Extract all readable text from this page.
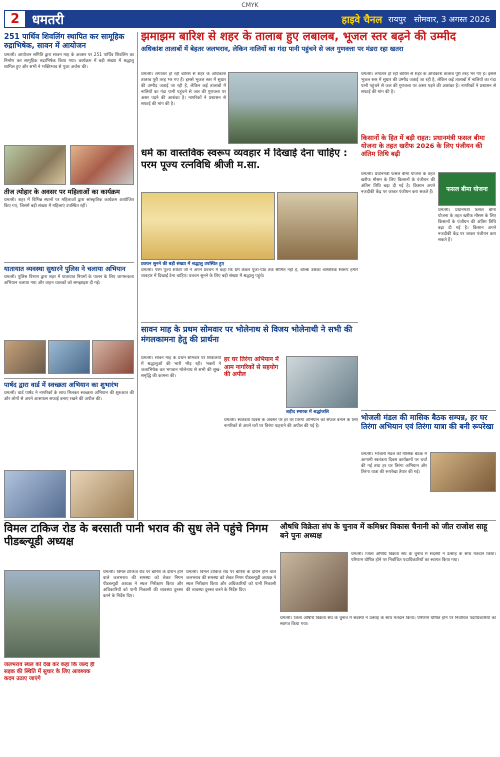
CMYK
2 धमतरी	हाइवे चैनल रायपुर सोमवार, 3 अगस्त 2026
251 पार्थिव शिवलिंग स्थापित कर सामूहिक रुद्राभिषेक, सावन में आयोजन
धमतरी। आयोजन समिति द्वारा सावन माह के अवसर पर 251 पार्थिव शिवलिंग का निर्माण कर सामूहिक रुद्राभिषेक किया गया। कार्यक्रम में बड़ी संख्या में श्रद्धालु शामिल हुए और सभी ने भक्तिभाव से पूजा अर्चना की।
तीज त्योहार के अवसर पर महिलाओं का कार्यक्रम
धमतरी। शहर में विभिन्न स्थानों पर महिलाओं द्वारा सांस्कृतिक कार्यक्रम आयोजित किए गए, जिसमें बड़ी संख्या में महिलाएं उपस्थित रहीं।
यातायात व्यवस्था सुधारने पुलिस ने चलाया अभियान
धमतरी। पुलिस विभाग द्वारा शहर में यातायात नियमों के पालन के लिए जागरूकता अभियान चलाया गया और वाहन चालकों को समझाइश दी गई।
पार्षद द्वारा वार्ड में स्वच्छता अभियान का शुभारंभ
धमतरी। वार्ड पार्षद ने नागरिकों के साथ मिलकर स्वच्छता अभियान की शुरुआत की और लोगों से अपने आसपास सफाई बनाए रखने की अपील की।
झमाझम बारिश से शहर के तालाब हुए लबालब, भूजल स्तर बढ़ने की उम्मीद
अधिकांश तालाबों में बेहतर जलभराव, लेकिन नालियों का गंदा पानी पहुंचने से जल गुणवत्ता पर मंडरा रहा खतरा
धमतरी। लगातार हो रही बारिश से शहर के अधिकांश तालाब पूरी तरह भर गए हैं। इससे भूजल स्तर में सुधार की उम्मीद जताई जा रही है, लेकिन कई तालाबों में नालियों का गंदा पानी पहुंचने से जल की गुणवत्ता पर असर पड़ने की आशंका है। नागरिकों ने प्रशासन से सफाई की मांग की है।
धमतरी। लगातार हो रही बारिश से शहर के अधिकांश तालाब पूरी तरह भर गए हैं। इससे भूजल स्तर में सुधार की उम्मीद जताई जा रही है, लेकिन कई तालाबों में नालियों का गंदा पानी पहुंचने से जल की गुणवत्ता पर असर पड़ने की आशंका है। नागरिकों ने प्रशासन से सफाई की मांग की है।
धर्म का वास्तविक स्वरूप व्यवहार में दिखाई देना चाहिए : परम पूज्य रत्नविधि श्रीजी म.सा.
प्रवचन सुनने की बड़ी संख्या में श्रद्धालु उपस्थित हुए
धमतरी। परम पूज्य साध्वी जी ने अपने प्रवचन में कहा कि धर्म केवल पूजा-पाठ तक सीमित नहीं है, बल्कि उसका वास्तविक स्वरूप हमारे व्यवहार में दिखाई देना चाहिए। प्रवचन सुनने के लिए बड़ी संख्या में श्रद्धालु पहुंचे।
किसानों के हित में बड़ी राहत: प्रधानमंत्री फसल बीमा योजना के तहत खरीफ 2026 के लिए पंजीयन की अंतिम तिथि बढ़ी
फसल बीमा योजना
धमतरी। प्रधानमंत्री फसल बीमा योजना के तहत खरीफ मौसम के लिए किसानों के पंजीयन की अंतिम तिथि बढ़ा दी गई है। किसान अपने नजदीकी केंद्र पर जाकर पंजीयन करा सकते हैं।
धमतरी। प्रधानमंत्री फसल बीमा योजना के तहत खरीफ मौसम के लिए किसानों के पंजीयन की अंतिम तिथि बढ़ा दी गई है। किसान अपने नजदीकी केंद्र पर जाकर पंजीयन करा सकते हैं।
सावन माह के प्रथम सोमवार पर भोलेनाथ से विजय भोलेनाथी ने सभी की मंगलकामना हेतु की प्रार्थना
धमतरी। सावन माह के प्रथम सोमवार पर शिवालयों में श्रद्धालुओं की भारी भीड़ रही। भक्तों ने जलाभिषेक कर भगवान भोलेनाथ से सभी की सुख-समृद्धि की कामना की।
हर घर तिरंगा अभियान में आम नागरिकों से सहयोग की अपील
शहीद स्मारक में श्रद्धांजलि
धमतरी। स्वतंत्रता दिवस के अवसर पर हर घर तिरंगा अभियान को सफल बनाने के लिए नागरिकों से अपने घरों पर तिरंगा फहराने की अपील की गई है।
भोजली मंडल की मासिक बैठक सम्पन्न, हर घर तिरंगा अभियान एवं तिरंगा यात्रा की बनी रूपरेखा
धमतरी। भोजली मंडल की मासिक बैठक में आगामी स्वतंत्रता दिवस कार्यक्रमों पर चर्चा की गई तथा हर घर तिरंगा अभियान और तिरंगा यात्रा की रूपरेखा तैयार की गई।
औषधि विक्रेता संघ के चुनाव में कमिश्नर विकास चैनानी को जीत राजोश साहू बने पुनः अध्यक्ष
धमतरी। जिला औषधि विक्रेता संघ के चुनाव में सदस्यों ने उत्साह के साथ मतदान किया। परिणाम घोषित होने पर निर्वाचित पदाधिकारियों का स्वागत किया गया।
विमल टाकिज रोड के बरसाती पानी भराव की सुध लेने पहुंचे निगम पीडब्ल्यूडी अध्यक्ष
जलभराव स्थल को देख कर कहा कि जल्द ही सड़क की स्थिति में सुधार के लिए आवश्यक कदम उठाए जाएंगे
धमतरी। विमल टाकिज रोड पर बारिश के दौरान होने वाले जलभराव की समस्या को लेकर निगम पीडब्ल्यूडी अध्यक्ष ने स्थल निरीक्षण किया और अधिकारियों को पानी निकासी की व्यवस्था दुरुस्त करने के निर्देश दिए।
धमतरी। विमल टाकिज रोड पर बारिश के दौरान होने वाले जलभराव की समस्या को लेकर निगम पीडब्ल्यूडी अध्यक्ष ने स्थल निरीक्षण किया और अधिकारियों को पानी निकासी की व्यवस्था दुरुस्त करने के निर्देश दिए।
धमतरी। जिला औषधि विक्रेता संघ के चुनाव में सदस्यों ने उत्साह के साथ मतदान किया। परिणाम घोषित होने पर निर्वाचित पदाधिकारियों का स्वागत किया गया।
